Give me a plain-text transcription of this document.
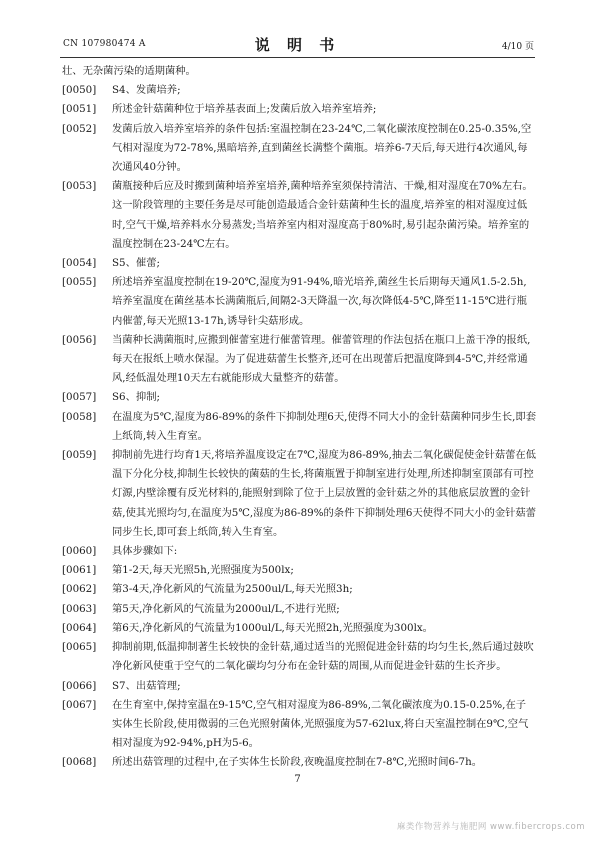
CN 107980474 A	说 明 书	4/10 页
壮、无杂菌污染的适期菌种。
[0050]	S4、发菌培养;
[0051]	所述金针菇菌种位于培养基表面上;发菌后放入培养室培养;
[0052]	发菌后放入培养室培养的条件包括:室温控制在23-24℃,二氧化碳浓度控制在0.25-0.35%,空气相对湿度为72-78%,黑暗培养,直到菌丝长满整个菌瓶。培养6-7天后,每天进行4次通风,每次通风40分钟。
[0053]	菌瓶接种后应及时搬到菌种培养室培养,菌种培养室须保持清洁、干燥,相对湿度在70%左右。这一阶段管理的主要任务是尽可能创造最适合金针菇菌种生长的温度,培养室的相对湿度过低时,空气干燥,培养料水分易蒸发;当培养室内相对湿度高于80%时,易引起杂菌污染。培养室的温度控制在23-24℃左右。
[0054]	S5、催蕾;
[0055]	所述培养室温度控制在19-20℃,湿度为91-94%,暗光培养,菌丝生长后期每天通风1.5-2.5h,培养室温度在菌丝基本长满菌瓶后,间隔2-3天降温一次,每次降低4-5℃,降至11-15℃进行瓶内催蕾,每天光照13-17h,诱导针尖菇形成。
[0056]	当菌种长满菌瓶时,应搬到催蕾室进行催蕾管理。催蕾管理的作法包括在瓶口上盖干净的报纸,每天在报纸上喷水保湿。为了促进菇蕾生长整齐,还可在出现蕾后把温度降到4-5℃,并经常通风,经低温处理10天左右就能形成大量整齐的菇蕾。
[0057]	S6、抑制;
[0058]	在温度为5℃,湿度为86-89%的条件下抑制处理6天,使得不同大小的金针菇菌种同步生长,即套上纸筒,转入生育室。
[0059]	抑制前先进行均育1天,将培养温度设定在7℃,湿度为86-89%,抽去二氧化碳促使金针菇蕾在低温下分化分枝,抑制生长较快的菌菇的生长,将菌瓶置于抑制室进行处理,所述抑制室顶部有可控灯源,内壁涂覆有反光材料的,能照射到除了位于上层放置的金针菇之外的其他底层放置的金针菇,使其光照均匀,在温度为5℃,湿度为86-89%的条件下抑制处理6天使得不同大小的金针菇蕾同步生长,即可套上纸筒,转入生育室。
[0060]	具体步骤如下:
[0061]	第1-2天,每天光照5h,光照强度为500lx;
[0062]	第3-4天,净化新风的气流量为2500ul/L,每天光照3h;
[0063]	第5天,净化新风的气流量为2000ul/L,不进行光照;
[0064]	第6天,净化新风的气流量为1000ul/L,每天光照2h,光照强度为300lx。
[0065]	抑制前期,低温抑制著生长较快的金针菇,通过适当的光照促进金针菇的均匀生长,然后通过鼓吹净化新风使重于空气的二氧化碳均匀分布在金针菇的周围,从而促进金针菇的生长齐步。
[0066]	S7、出菇管理;
[0067]	在生育室中,保持室温在9-15℃,空气相对湿度为86-89%,二氧化碳浓度为0.15-0.25%,在子实体生长阶段,使用微弱的三色光照射菌体,光照强度为57-62lux,将白天室温控制在9℃,空气相对湿度为92-94%,pH为5-6。
[0068]	所述出菇管理的过程中,在子实体生长阶段,夜晚温度控制在7-8℃,光照时间6-7h。
7
麻类作物营养与施肥网 www.fibercrops.com
